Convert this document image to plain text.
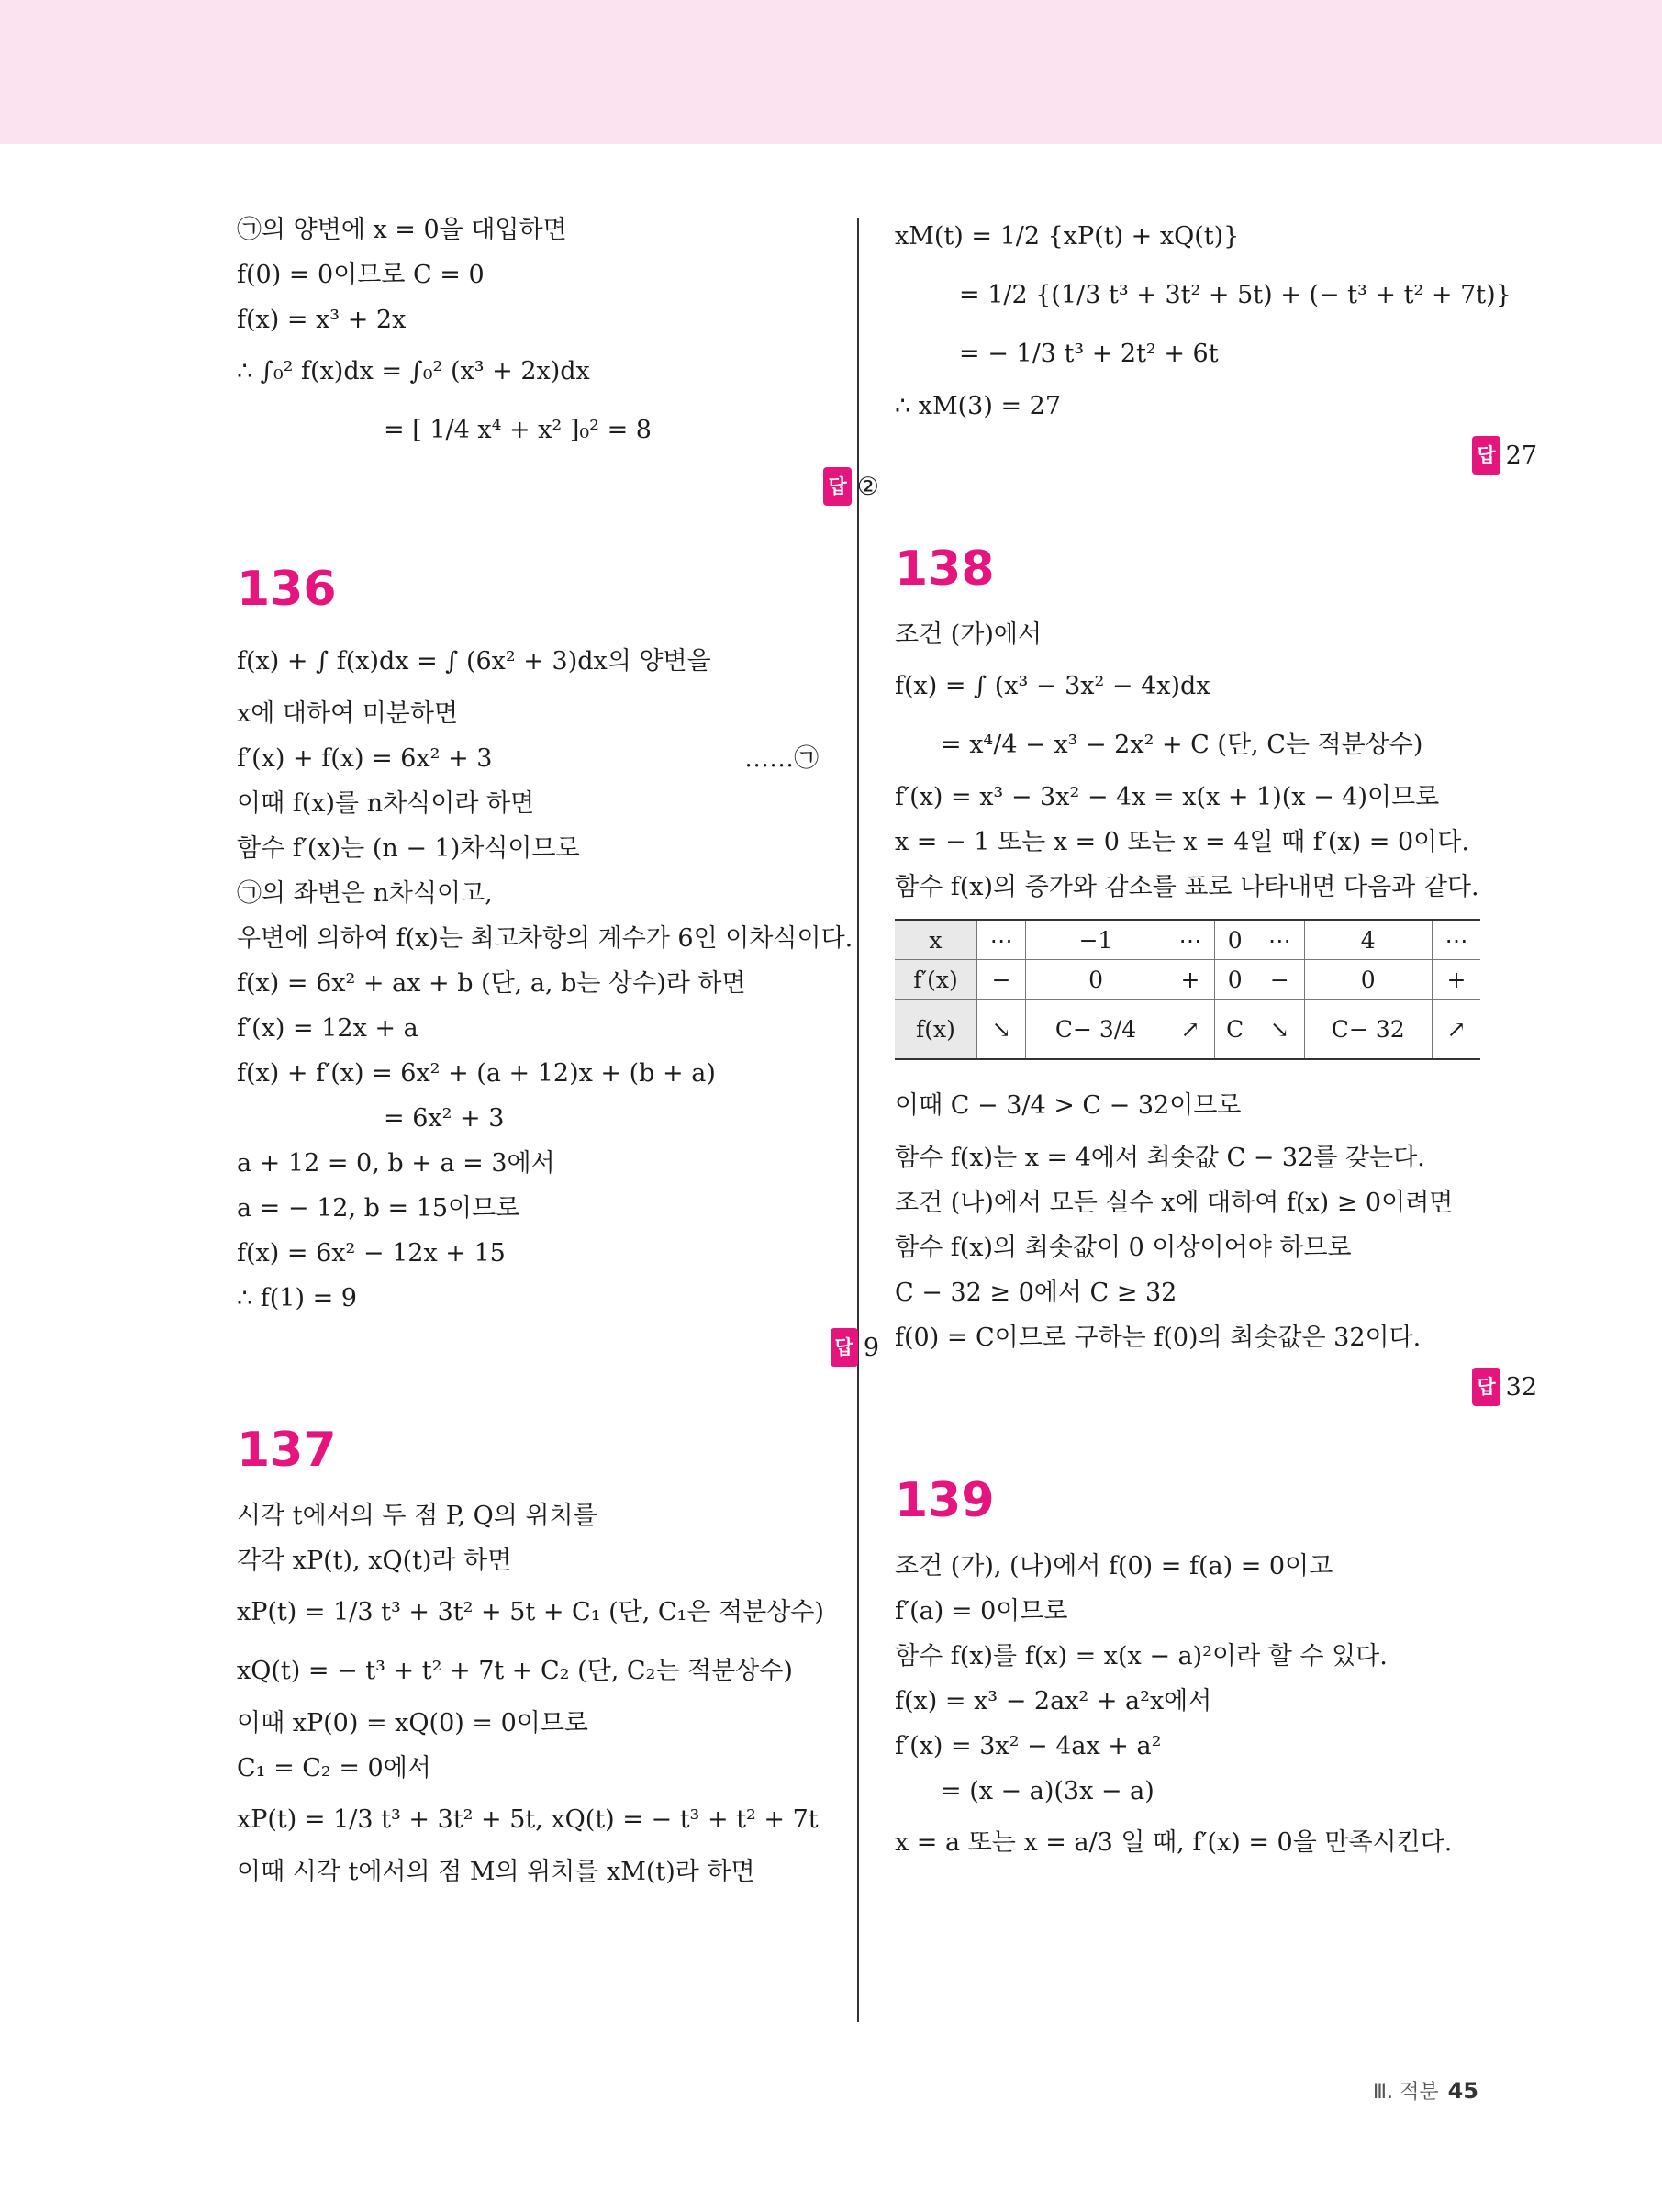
㉠의 양변에 x = 0을 대입하면

f(0) = 0이므로 C = 0

f(x) = x³ + 2x

∴ ∫₀² f(x)dx = ∫₀² (x³ + 2x)dx

= [ 1/4 x⁴ + x² ]₀² = 8

답 ②

136

f(x) + ∫ f(x)dx = ∫ (6x² + 3)dx의 양변을

x에 대하여 미분하면

f′(x) + f(x) = 6x² + 3                                ……㉠

이때 f(x)를 n차식이라 하면

함수 f′(x)는 (n − 1)차식이므로

㉠의 좌변은 n차식이고,

우변에 의하여 f(x)는 최고차항의 계수가 6인 이차식이다.

f(x) = 6x² + ax + b (단, a, b는 상수)라 하면

f′(x) = 12x + a

f(x) + f′(x) = 6x² + (a + 12)x + (b + a)

= 6x² + 3

a + 12 = 0, b + a = 3에서

a = − 12, b = 15이므로

f(x) = 6x² − 12x + 15

∴ f(1) = 9

답 9

137

시각 t에서의 두 점 P, Q의 위치를

각각 xP(t), xQ(t)라 하면

xP(t) = 1/3 t³ + 3t² + 5t + C₁ (단, C₁은 적분상수)

xQ(t) = − t³ + t² + 7t + C₂ (단, C₂는 적분상수)

이때 xP(0) = xQ(0) = 0이므로

C₁ = C₂ = 0에서

xP(t) = 1/3 t³ + 3t² + 5t, xQ(t) = − t³ + t² + 7t

이때 시각 t에서의 점 M의 위치를 xM(t)라 하면

xM(t) = 1/2 {xP(t) + xQ(t)}

= 1/2 {(1/3 t³ + 3t² + 5t) + (− t³ + t² + 7t)}

= − 1/3 t³ + 2t² + 6t

∴ xM(3) = 27

답 27

138

조건 (가)에서

f(x) = ∫ (x³ − 3x² − 4x)dx

= x⁴/4 − x³ − 2x² + C (단, C는 적분상수)

f′(x) = x³ − 3x² − 4x = x(x + 1)(x − 4)이므로

x = − 1 또는 x = 0 또는 x = 4일 때 f′(x) = 0이다.

함수 f(x)의 증가와 감소를 표로 나타내면 다음과 같다.

x	⋯	−1	⋯	0	⋯	4	⋯
f′(x)	−	0	+	0	−	0	+
f(x)	↘	C− 3/4	↗	C	↘	C− 32	↗

이때 C − 3/4 > C − 32이므로

함수 f(x)는 x = 4에서 최솟값 C − 32를 갖는다.

조건 (나)에서 모든 실수 x에 대하여 f(x) ≥ 0이려면

함수 f(x)의 최솟값이 0 이상이어야 하므로

C − 32 ≥ 0에서 C ≥ 32

f(0) = C이므로 구하는 f(0)의 최솟값은 32이다.

답 32

139

조건 (가), (나)에서 f(0) = f(a) = 0이고

f′(a) = 0이므로

함수 f(x)를 f(x) = x(x − a)²이라 할 수 있다.

f(x) = x³ − 2ax² + a²x에서

f′(x) = 3x² − 4ax + a²

= (x − a)(3x − a)

x = a 또는 x = a/3 일 때, f′(x) = 0을 만족시킨다.

Ⅲ. 적분 45
